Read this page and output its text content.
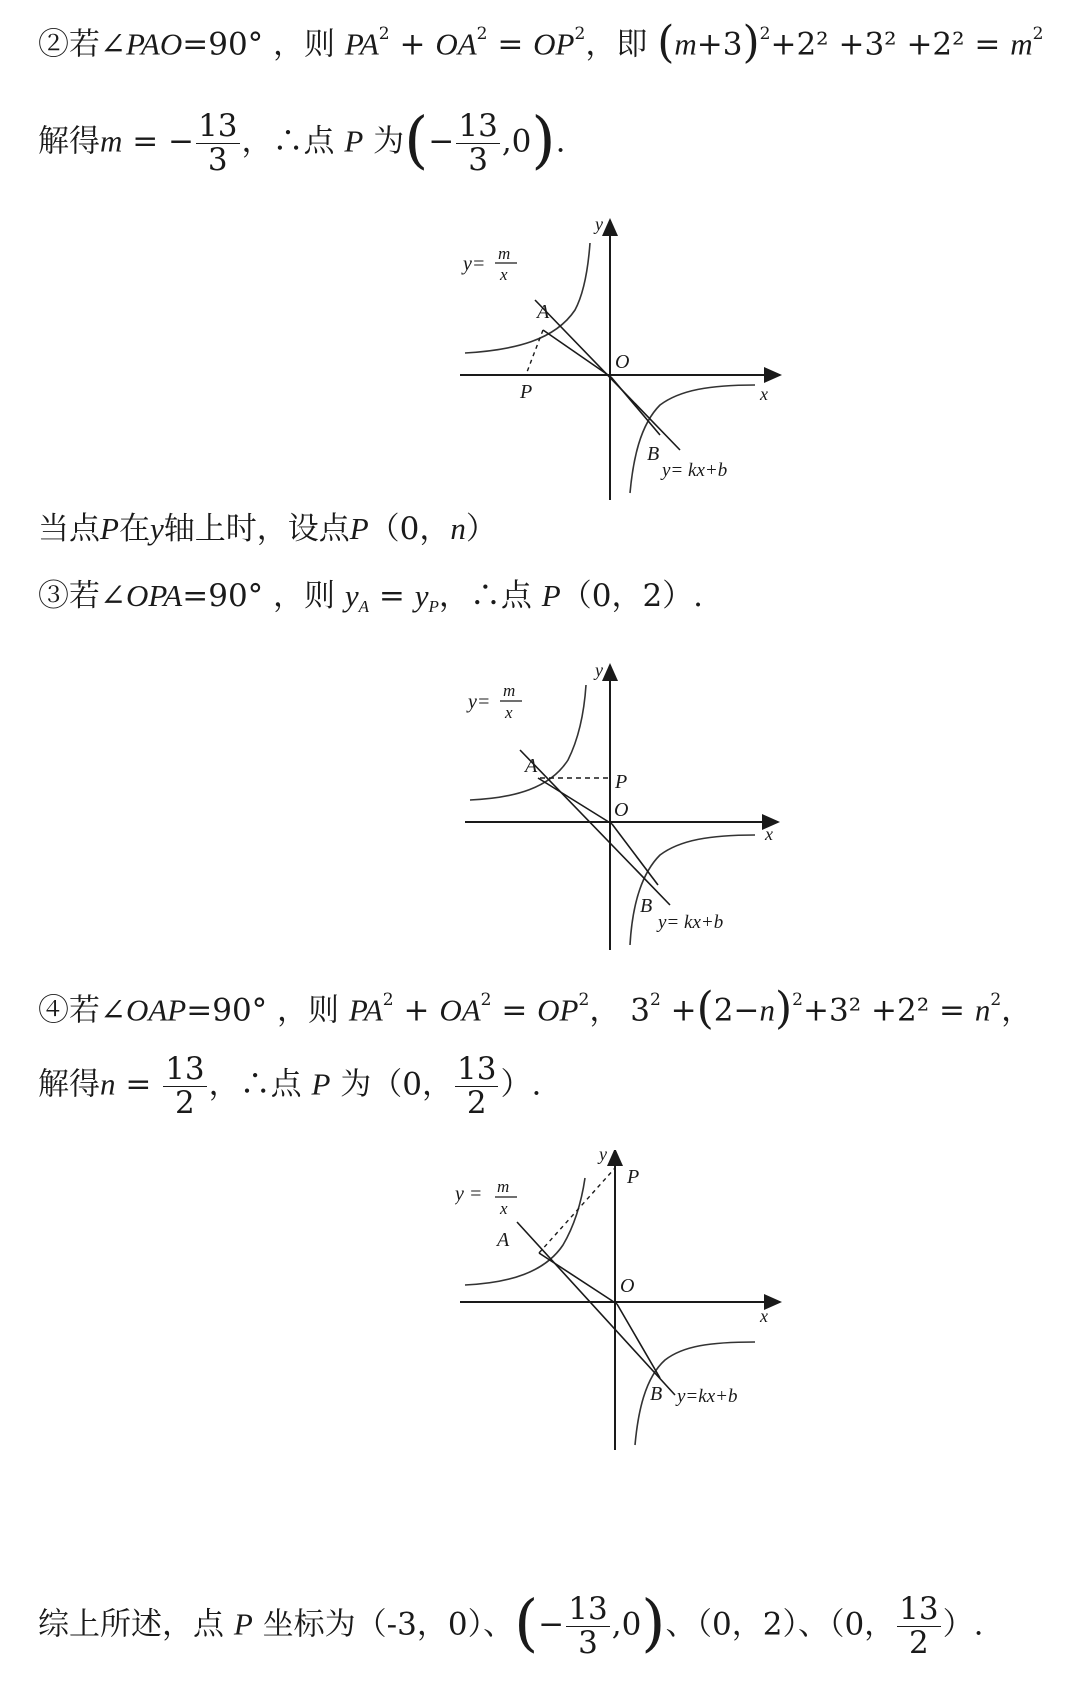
②若∠PAO=90° ，则 $PA^2 + OA^2 = OP^2$，即 $(m+3)^2+2^2 +3^2 +2^2 = m^2$
解得m = − $\frac{13}{3}$ ，∴点 P 为(− $\frac{13}{3} ,0$).
y= m
x
A
O
P
B
x
y
y= kx+b
当点P在y轴上时，设点P（0，n）
③若∠OPA=90° ，则 $y_A = y_P$，∴点 P（0，2）.
y=
m
x
A
P
O
B
x
y
y= kx+b
④若∠OAP=90° ，则 $PA^2 + OA^2 = OP^2$， $3^2 +(2-n)^2+3^2 +2^2 = n^2$，
解得$n = \frac{13}{2}$ ，∴点 P 为（0， $\frac{13}{2}$ ）.
y = m
x
A
O
P
B
x
y
y=kx+b
综上所述，点 P 坐标为（-3，0）、(− $\frac{13}{3} ,0$)、（0，2）、（0， $\frac{13}{2}$ ）.
